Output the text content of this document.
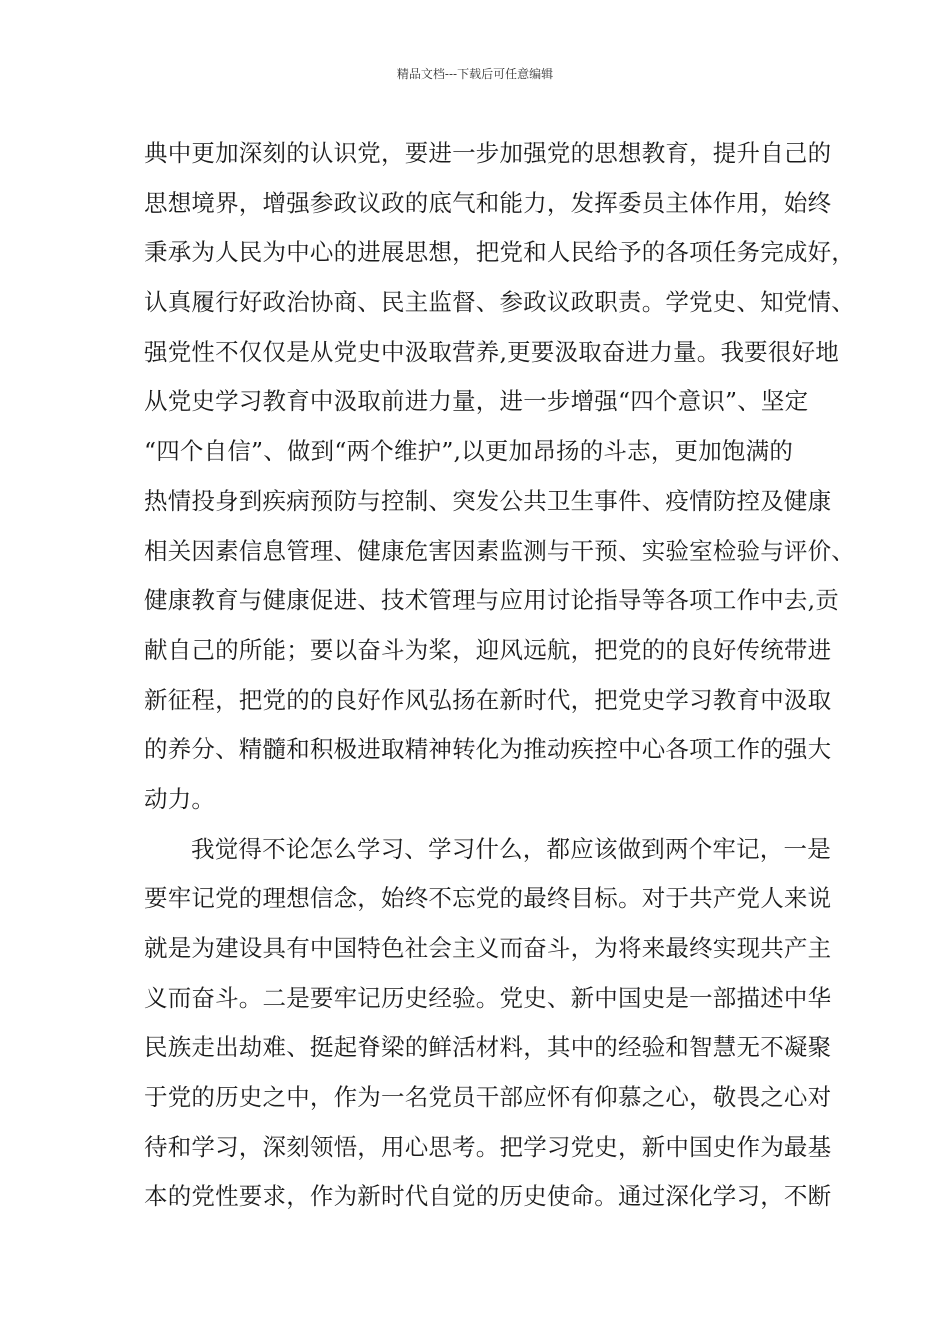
精品文档---下载后可任意编辑
典中更加深刻的认识党，要进一步加强党的思想教育，提升自己的
思想境界，增强参政议政的底气和能力，发挥委员主体作用，始终
秉承为人民为中心的进展思想，把党和人民给予的各项任务完成好，
认真履行好政治协商、民主监督、参政议政职责。学党史、知党情、
强党性不仅仅是从党史中汲取营养,更要汲取奋进力量。我要很好地
从党史学习教育中汲取前进力量，进一步增强“四个意识”、坚定
“四个自信”、做到“两个维护”,以更加昂扬的斗志，更加饱满的
热情投身到疾病预防与控制、突发公共卫生事件、疫情防控及健康
相关因素信息管理、健康危害因素监测与干预、实验室检验与评价、
健康教育与健康促进、技术管理与应用讨论指导等各项工作中去,贡
献自己的所能；要以奋斗为桨，迎风远航，把党的的良好传统带进
新征程，把党的的良好作风弘扬在新时代，把党史学习教育中汲取
的养分、精髓和积极进取精神转化为推动疾控中心各项工作的强大
动力。
我觉得不论怎么学习、学习什么，都应该做到两个牢记，一是
要牢记党的理想信念，始终不忘党的最终目标。对于共产党人来说
就是为建设具有中国特色社会主义而奋斗，为将来最终实现共产主
义而奋斗。二是要牢记历史经验。党史、新中国史是一部描述中华
民族走出劫难、挺起脊梁的鲜活材料，其中的经验和智慧无不凝聚
于党的历史之中，作为一名党员干部应怀有仰慕之心，敬畏之心对
待和学习，深刻领悟，用心思考。把学习党史，新中国史作为最基
本的党性要求，作为新时代自觉的历史使命。通过深化学习，不断
